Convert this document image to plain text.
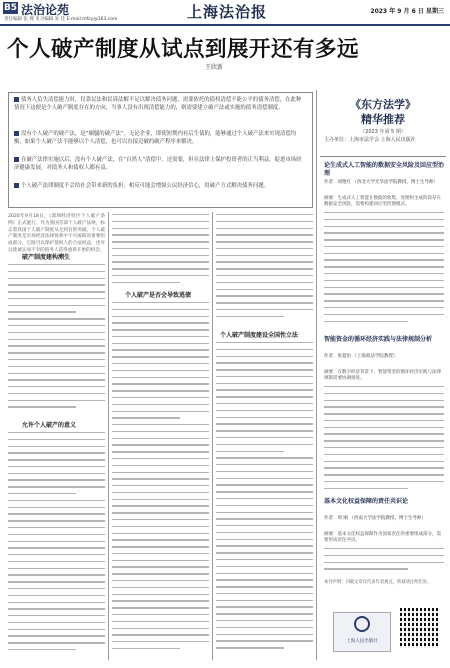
B5 法治论苑
责任编辑 张 理 见习编辑 朱 佳 E-mail:mfzy@163.com	上海法治报	2023 年 9 月 6 日 星期三
个人破产制度从试点到展开还有多远
王欣新
债务人负失清偿能力时，仅靠民法和民诉法解不足以解决债务问题，需要依托的债权清偿不能公平的债务清偿，在此种情况下这便是个人破产制度存在的方向，当事人没有出现清偿能力的，则需要建立破产法或实施的债务清偿制度。
没有个人破产的破产法，是“瘸腿的破产法”。无论企业，即使短期内有后生债的，能够通过个人破产法来实现清偿均衡，如果个人破产法不能够以个人清偿，也可以直接迈破的破产程序来解决。
在破产法律实施以后，没有个人破产法，在“自然人”清偿中，还需要，但在法律上保护投资者的正当利益，促进市场经济健康发展，对债务人和债权人都有益。
个人破产法律制度不会给社会带来新的负担，相反可能会增强公民经济信心，用破产方式解决债务问题。
2020年9月18日，《深圳经济特区个人破产条例》正式施行，作为我国首部个人破产法规，标志着我国个人破产制度从无到有的突破。个人破产制度是市场经济法律体系中不可或缺的重要组成部分，它既可以保护债权人的合法权益，也可以使诚实而不幸的债务人获得重新开始的机会。
破产制度建构溯生
允许个人破产的意义
个人破产是否会导致逃债
个人破产制度建设全国性立法
《东方法学》
精华推荐
（2023 年第 5 期）
主办单位：上海市法学会 上海人民出版社
论生成式人工智能的数据安全风险及回应型治理
作者：刘艳红 （西北大学光华法学院教授，博士生导师）
摘要：生成式人工智能在数据的收集、处理和生成阶段存在数据安全风险，需要构建回应型治理模式。
智能资金的循环经济实践与法律规制分析
作者：张夏恒 （上海政法学院教授）
摘要：在数字经济背景下，智能资金的循环经济实践与法律规制需要协调推进。
基本文化权益保障的责任共识论
作者：周 刚 （西南大学法学院教授，博士生导师）
摘要：基本文化权益保障作为国家责任的重要组成部分，需要形成责任共识。
本刊声明：刊载文章仅代表作者观点，转载请注明出处。
上海人民出版社
